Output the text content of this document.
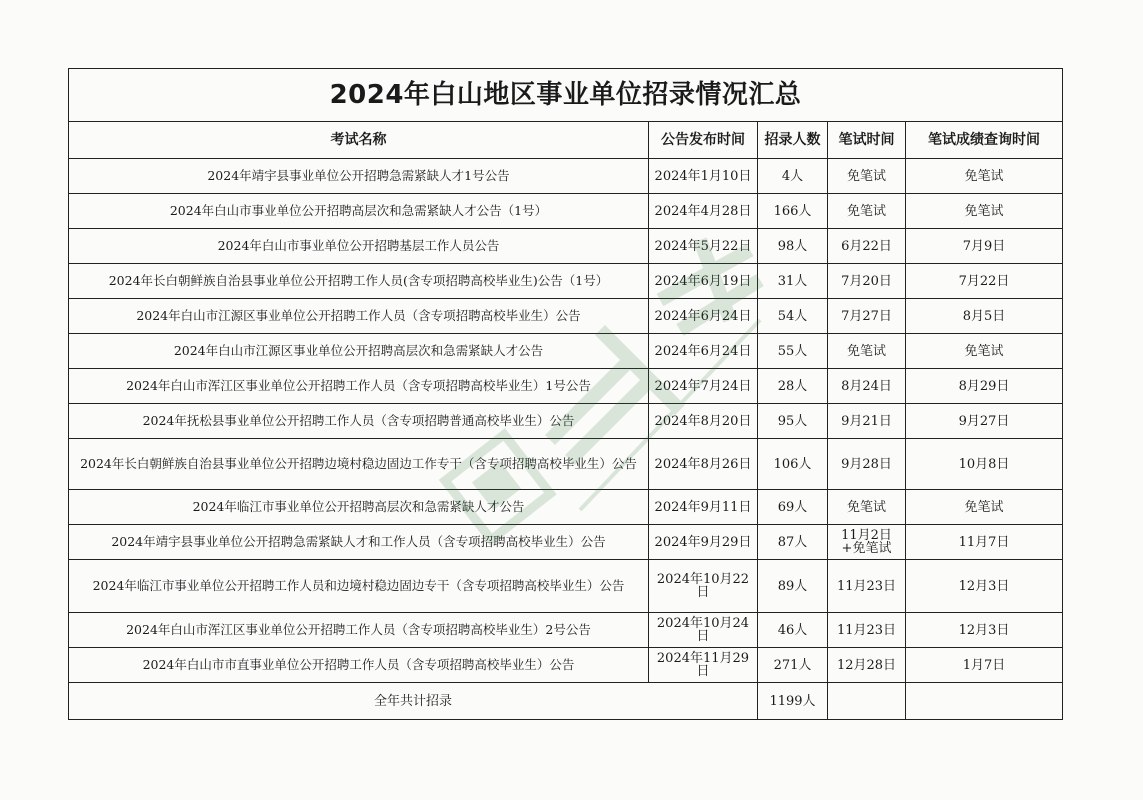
2024年白山地区事业单位招录情况汇总				
考试名称	公告发布时间	招录人数	笔试时间	笔试成绩查询时间
2024年靖宇县事业单位公开招聘急需紧缺人才1号公告	2024年1月10日	4人	免笔试	免笔试
2024年白山市事业单位公开招聘高层次和急需紧缺人才公告（1号）	2024年4月28日	166人	免笔试	免笔试
2024年白山市事业单位公开招聘基层工作人员公告	2024年5月22日	98人	6月22日	7月9日
2024年长白朝鲜族自治县事业单位公开招聘工作人员(含专项招聘高校毕业生)公告（1号）	2024年6月19日	31人	7月20日	7月22日
2024年白山市江源区事业单位公开招聘工作人员（含专项招聘高校毕业生）公告	2024年6月24日	54人	7月27日	8月5日
2024年白山市江源区事业单位公开招聘高层次和急需紧缺人才公告	2024年6月24日	55人	免笔试	免笔试
2024年白山市浑江区事业单位公开招聘工作人员（含专项招聘高校毕业生）1号公告	2024年7月24日	28人	8月24日	8月29日
2024年抚松县事业单位公开招聘工作人员（含专项招聘普通高校毕业生）公告	2024年8月20日	95人	9月21日	9月27日
2024年长白朝鲜族自治县事业单位公开招聘边境村稳边固边工作专干（含专项招聘高校毕业生）公告	2024年8月26日	106人	9月28日	10月8日
2024年临江市事业单位公开招聘高层次和急需紧缺人才公告	2024年9月11日	69人	免笔试	免笔试
2024年靖宇县事业单位公开招聘急需紧缺人才和工作人员（含专项招聘高校毕业生）公告	2024年9月29日	87人	11月2日+免笔试	11月7日
2024年临江市事业单位公开招聘工作人员和边境村稳边固边专干（含专项招聘高校毕业生）公告	2024年10月22日	89人	11月23日	12月3日
2024年白山市浑江区事业单位公开招聘工作人员（含专项招聘高校毕业生）2号公告	2024年10月24日	46人	11月23日	12月3日
2024年白山市市直事业单位公开招聘工作人员（含专项招聘高校毕业生）公告	2024年11月29日	271人	12月28日	1月7日
全年共计招录		1199人		
